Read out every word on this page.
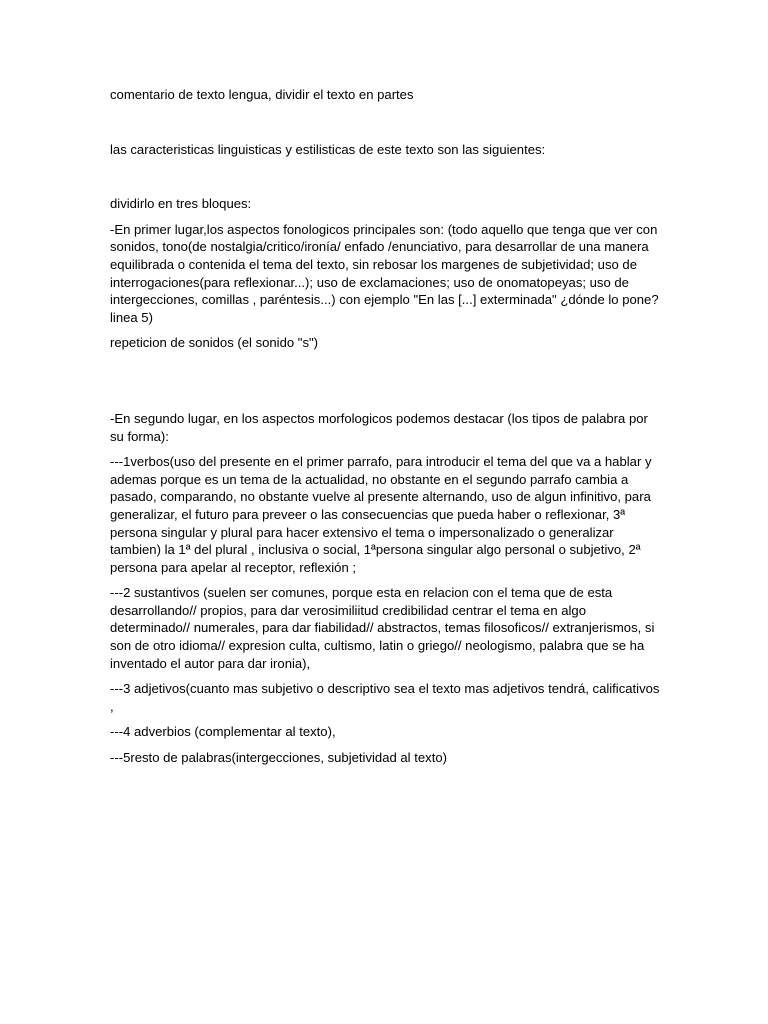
comentario de texto lengua, dividir el texto en partes

las caracteristicas linguisticas y estilisticas de este texto son las siguientes:

dividirlo en tres bloques:

-En primer lugar,los aspectos fonologicos principales son: (todo aquello que tenga que ver con sonidos, tono(de nostalgia/critico/ironía/ enfado /enunciativo, para desarrollar de una manera equilibrada o contenida el tema del texto, sin rebosar los margenes de subjetividad; uso de interrogaciones(para reflexionar...); uso de exclamaciones; uso de onomatopeyas; uso de intergecciones, comillas , paréntesis...) con ejemplo "En las [...] exterminada" ¿dónde lo pone? linea 5)

repeticion de sonidos (el sonido "s")

-En segundo lugar, en los aspectos morfologicos podemos destacar (los tipos de palabra por su forma):

---1verbos(uso del presente en el primer parrafo, para introducir el tema del que va a hablar y ademas porque es un tema de la actualidad, no obstante en el segundo parrafo cambia a pasado, comparando, no obstante vuelve al presente alternando, uso de algun infinitivo, para generalizar, el futuro para preveer o las consecuencias que pueda haber o reflexionar, 3ª persona singular y plural para hacer extensivo el tema o impersonalizado o generalizar tambien) la 1ª del plural , inclusiva o social, 1ªpersona singular algo personal o subjetivo, 2ª persona para apelar al receptor, reflexión ;

---2 sustantivos (suelen ser comunes, porque esta en relacion con el tema que de esta desarrollando// propios, para dar verosimiliitud credibilidad centrar el tema en algo determinado// numerales, para dar fiabilidad// abstractos, temas filosoficos// extranjerismos, si son de otro idioma// expresion culta, cultismo, latin o griego// neologismo, palabra que se ha inventado el autor para dar ironia),

---3 adjetivos(cuanto mas subjetivo o descriptivo sea el texto mas adjetivos tendrá, calificativos ,

---4 adverbios (complementar al texto),

---5resto de palabras(intergecciones, subjetividad al texto)
